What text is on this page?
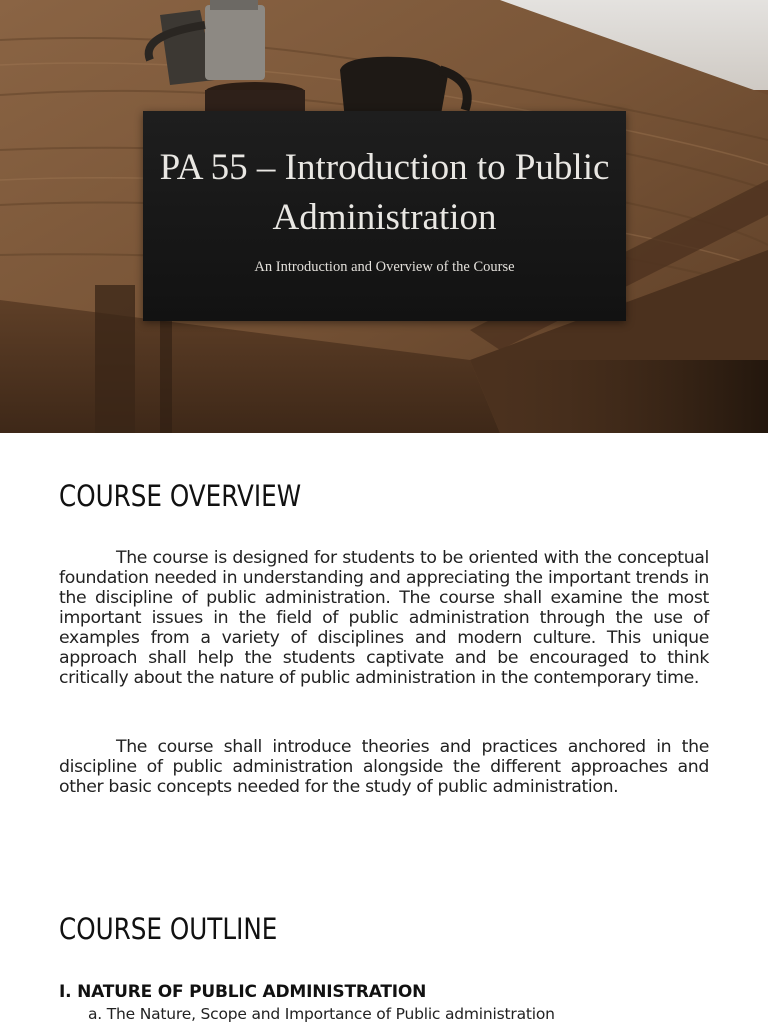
PA 55 – Introduction to Public Administration
An Introduction and Overview of the Course
COURSE OVERVIEW

The course is designed for students to be oriented with the conceptual foundation needed in understanding and appreciating the important trends in the discipline of public administration. The course shall examine the most important issues in the field of public administration through the use of examples from a variety of disciplines and modern culture. This unique approach shall help the students captivate and be encouraged to think critically about the nature of public administration in the contemporary time.

The course shall introduce theories and practices anchored in the discipline of public administration alongside the different approaches and other basic concepts needed for the study of public administration.

COURSE OUTLINE
I. NATURE OF PUBLIC ADMINISTRATION
a. The Nature, Scope and Importance of Public administration
